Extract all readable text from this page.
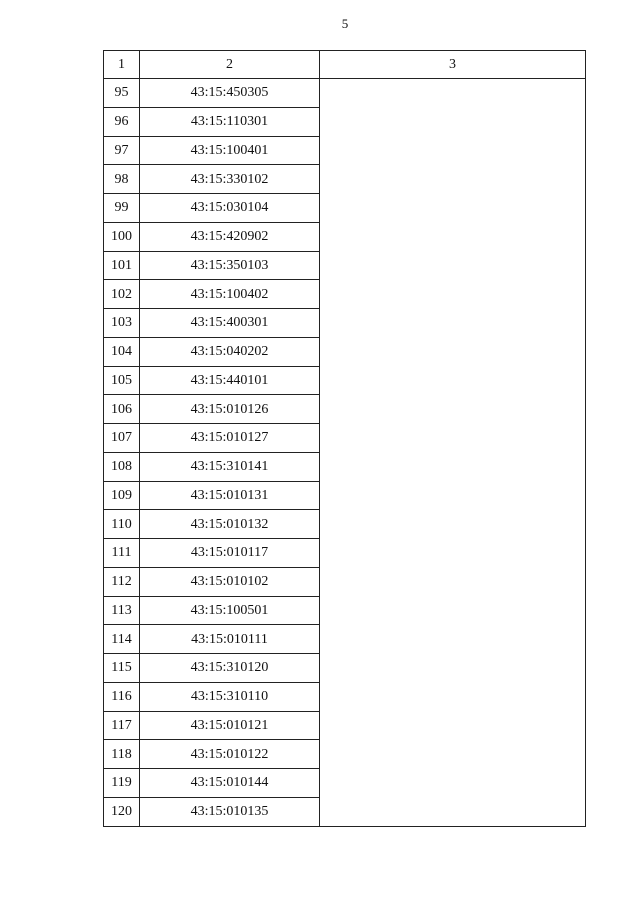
5
1	2	3
95	43:15:450305	
96	43:15:110301	
97	43:15:100401	
98	43:15:330102	
99	43:15:030104	
100	43:15:420902	
101	43:15:350103	
102	43:15:100402	
103	43:15:400301	
104	43:15:040202	
105	43:15:440101	
106	43:15:010126	
107	43:15:010127	
108	43:15:310141	
109	43:15:010131	
110	43:15:010132	
111	43:15:010117	
112	43:15:010102	
113	43:15:100501	
114	43:15:010111	
115	43:15:310120	
116	43:15:310110	
117	43:15:010121	
118	43:15:010122	
119	43:15:010144	
120	43:15:010135	
